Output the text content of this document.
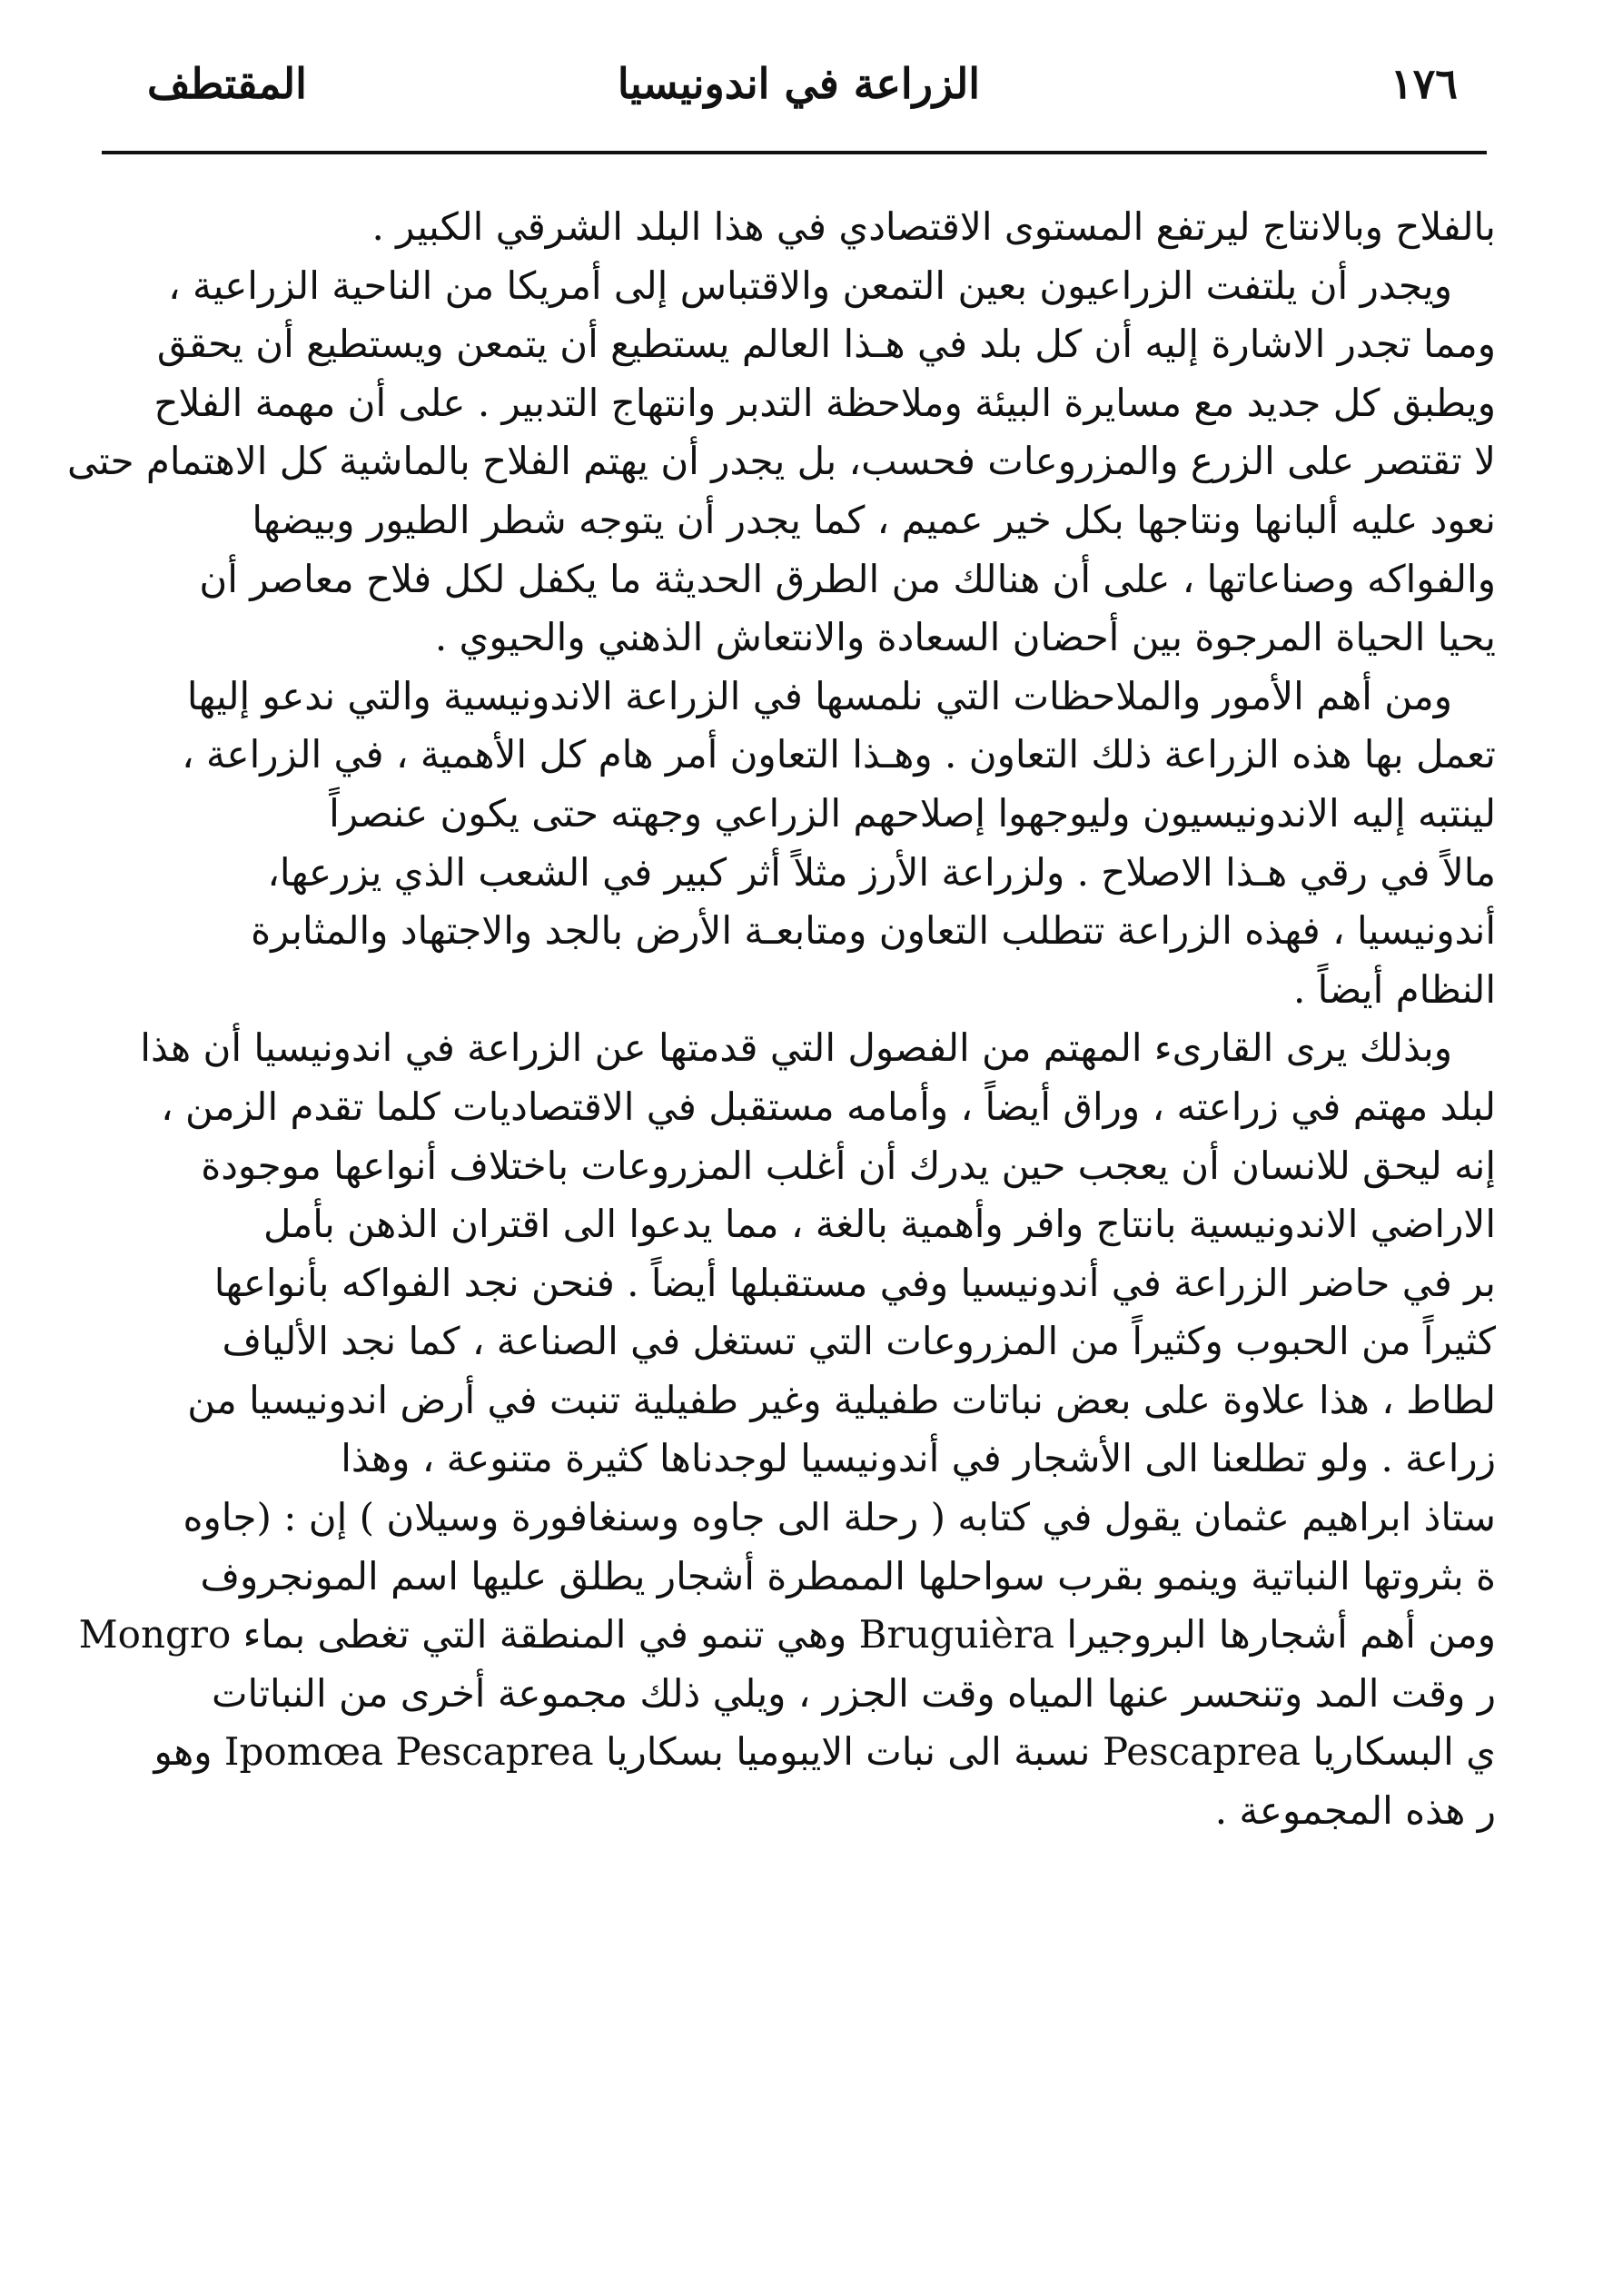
١٧٦
الزراعة في اندونيسيا
المقتطف
بالفلاح وبالانتاج ليرتفع المستوى الاقتصادي في هذا البلد الشرقي الكبير .
ويجدر أن يلتفت الزراعيون بعين التمعن والاقتباس إلى أمريكا من الناحية الزراعية ،
ومما تجدر الاشارة إليه أن كل بلد في هـذا العالم يستطيع أن يتمعن ويستطيع أن يحقق
ويطبق كل جديد مع مسايرة البيئة وملاحظة التدبر وانتهاج التدبير . على أن مهمة الفلاح
لا تقتصر على الزرع والمزروعات فحسب، بل يجدر أن يهتم الفلاح بالماشية كل الاهتمام حتى
نعود عليه ألبانها ونتاجها بكل خير عميم ، كما يجدر أن يتوجه شطر الطيور وبيضها
والفواكه وصناعاتها ، على أن هنالك من الطرق الحديثة ما يكفل لكل فلاح معاصر أن
يحيا الحياة المرجوة بين أحضان السعادة والانتعاش الذهني والحيوي .
ومن أهم الأمور والملاحظات التي نلمسها في الزراعة الاندونيسية والتي ندعو إليها
تعمل بها هذه الزراعة ذلك التعاون . وهـذا التعاون أمر هام كل الأهمية ، في الزراعة ،
لينتبه إليه الاندونيسيون وليوجهوا إصلاحهم الزراعي وجهته حتى يكون عنصراً
مالاً في رقي هـذا الاصلاح . ولزراعة الأرز مثلاً أثر كبير في الشعب الذي يزرعها،
أندونيسيا ، فهذه الزراعة تتطلب التعاون ومتابعـة الأرض بالجد والاجتهاد والمثابرة
النظام أيضاً .
وبذلك يرى القارىء المهتم من الفصول التي قدمتها عن الزراعة في اندونيسيا أن هذا
لبلد مهتم في زراعته ، وراق أيضاً ، وأمامه مستقبل في الاقتصاديات كلما تقدم الزمن ،
إنه ليحق للانسان أن يعجب حين يدرك أن أغلب المزروعات باختلاف أنواعها موجودة
الاراضي الاندونيسية بانتاج وافر وأهمية بالغة ، مما يدعوا الى اقتران الذهن بأمل
بر في حاضر الزراعة في أندونيسيا وفي مستقبلها أيضاً . فنحن نجد الفواكه بأنواعها
كثيراً من الحبوب وكثيراً من المزروعات التي تستغل في الصناعة ، كما نجد الألياف
لطاط ، هذا علاوة على بعض نباتات طفيلية وغير طفيلية تنبت في أرض اندونيسيا من
زراعة . ولو تطلعنا الى الأشجار في أندونيسيا لوجدناها كثيرة متنوعة ، وهذا
ستاذ ابراهيم عثمان يقول في كتابه ( رحلة الى جاوه وسنغافورة وسيلان ) إن : (جاوه
ة بثروتها النباتية وينمو بقرب سواحلها الممطرة أشجار يطلق عليها اسم المونجروف
ومن أهم أشجارها البروجيرا Bruguièra وهي تنمو في المنطقة التي تغطى بماء Mongro
ر وقت المد وتنحسر عنها المياه وقت الجزر ، ويلي ذلك مجموعة أخرى من النباتات
ي البسكاريا Pescaprea نسبة الى نبات الايبوميا بسكاريا Ipomœa Pescaprea وهو
ر هذه المجموعة .
